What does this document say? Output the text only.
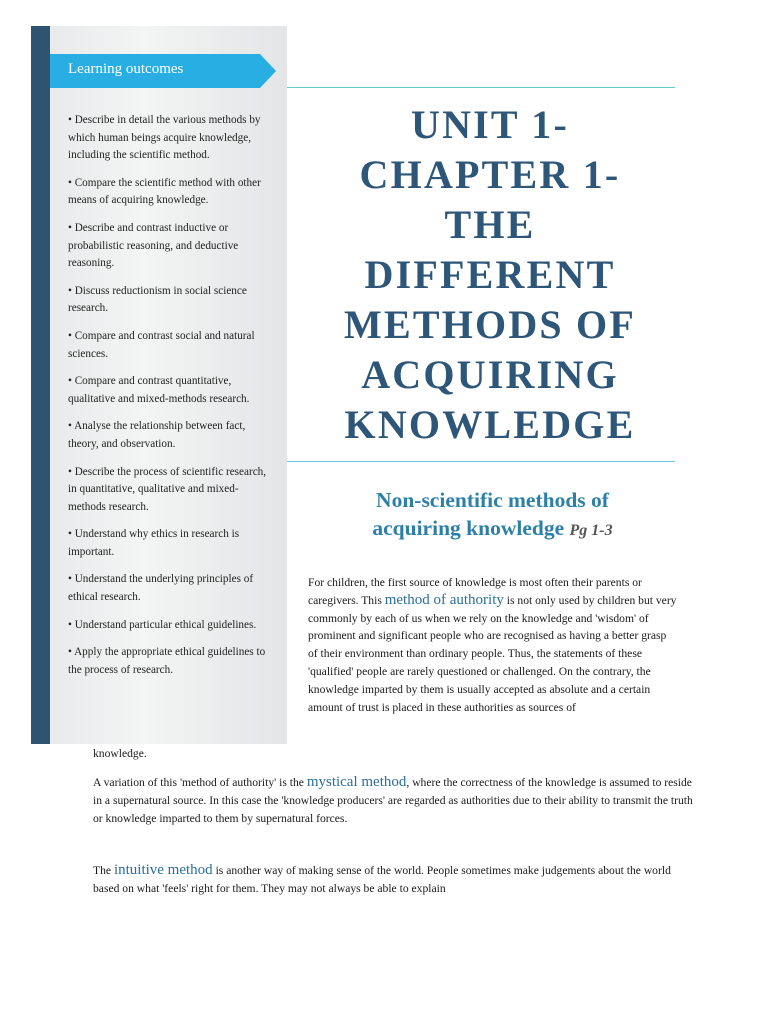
Learning outcomes
• Describe in detail the various methods by which human beings acquire knowledge, including the scientific method.
• Compare the scientific method with other means of acquiring knowledge.
• Describe and contrast inductive or probabilistic reasoning, and deductive reasoning.
• Discuss reductionism in social science research.
• Compare and contrast social and natural sciences.
• Compare and contrast quantitative, qualitative and mixed-methods research.
• Analyse the relationship between fact, theory, and observation.
• Describe the process of scientific research, in quantitative, qualitative and mixed-methods research.
• Understand why ethics in research is important.
• Understand the underlying principles of ethical research.
• Understand particular ethical guidelines.
• Apply the appropriate ethical guidelines to the process of research.
UNIT 1-
CHAPTER 1-
THE
DIFFERENT
METHODS OF
ACQUIRING
KNOWLEDGE
Non-scientific methods of
acquiring knowledge Pg 1-3

For children, the first source of knowledge is most often their parents or caregivers. This method of authority is not only used by children but very commonly by each of us when we rely on the knowledge and 'wisdom' of prominent and significant people who are recognised as having a better grasp of their environment than ordinary people. Thus, the statements of these 'qualified' people are rarely questioned or challenged. On the contrary, the knowledge imparted by them is usually accepted as absolute and a certain amount of trust is placed in these authorities as sources of

knowledge.

A variation of this 'method of authority' is the mystical method, where the correctness of the knowledge is assumed to reside in a supernatural source. In this case the 'knowledge producers' are regarded as authorities due to their ability to transmit the truth or knowledge imparted to them by supernatural forces.

The intuitive method is another way of making sense of the world. People sometimes make judgements about the world based on what 'feels' right for them. They may not always be able to explain
